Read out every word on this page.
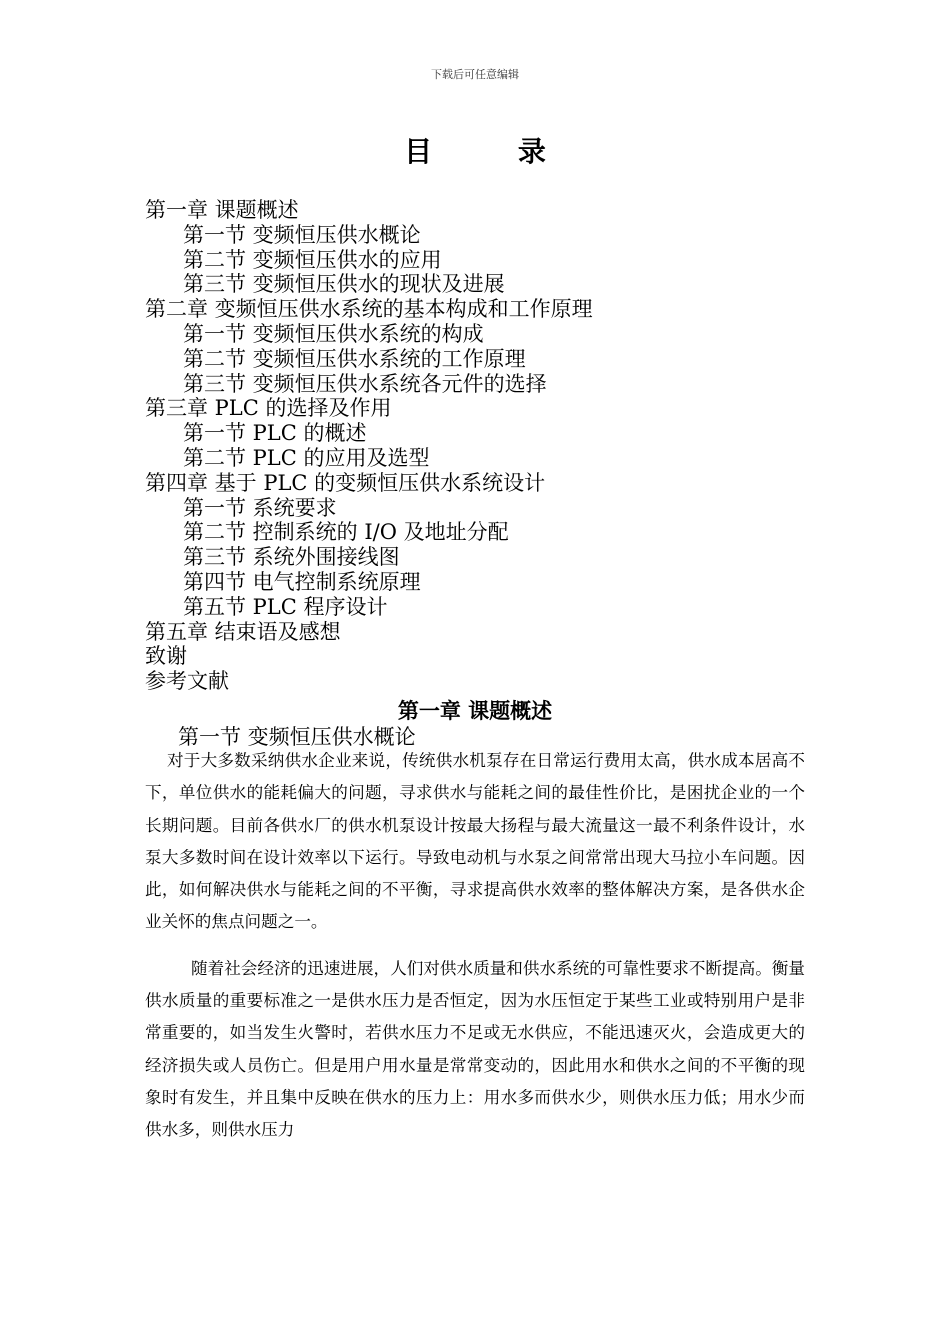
下载后可任意编辑
目 录
第一章 课题概述
第一节 变频恒压供水概论
第二节 变频恒压供水的应用
第三节 变频恒压供水的现状及进展
第二章 变频恒压供水系统的基本构成和工作原理
第一节 变频恒压供水系统的构成
第二节 变频恒压供水系统的工作原理
第三节 变频恒压供水系统各元件的选择
第三章 PLC 的选择及作用
第一节 PLC 的概述
第二节 PLC 的应用及选型
第四章 基于 PLC 的变频恒压供水系统设计
第一节 系统要求
第二节 控制系统的 I/O 及地址分配
第三节 系统外围接线图
第四节 电气控制系统原理
第五节 PLC 程序设计
第五章 结束语及感想
致谢
参考文献
第一章 课题概述
第一节 变频恒压供水概论

对于大多数采纳供水企业来说，传统供水机泵存在日常运行费用太高，供水成本居高不下，单位供水的能耗偏大的问题，寻求供水与能耗之间的最佳性价比，是困扰企业的一个长期问题。目前各供水厂的供水机泵设计按最大扬程与最大流量这一最不利条件设计，水泵大多数时间在设计效率以下运行。导致电动机与水泵之间常常出现大马拉小车问题。因此，如何解决供水与能耗之间的不平衡，寻求提高供水效率的整体解决方案，是各供水企业关怀的焦点问题之一。

随着社会经济的迅速进展，人们对供水质量和供水系统的可靠性要求不断提高。衡量供水质量的重要标准之一是供水压力是否恒定，因为水压恒定于某些工业或特别用户是非常重要的，如当发生火警时，若供水压力不足或无水供应，不能迅速灭火，会造成更大的经济损失或人员伤亡。但是用户用水量是常常变动的，因此用水和供水之间的不平衡的现象时有发生，并且集中反映在供水的压力上：用水多而供水少，则供水压力低；用水少而供水多，则供水压力
